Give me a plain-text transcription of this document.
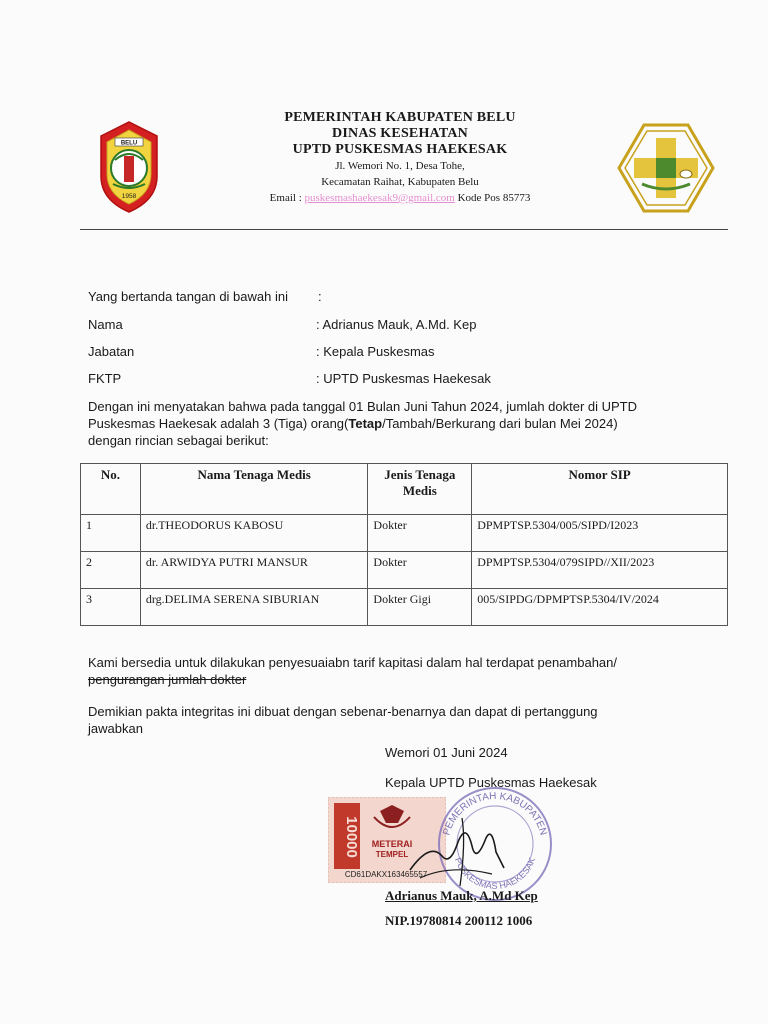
BELU
1958

PEMERINTAH KABUPATEN BELU

DINAS KESEHATAN

UPTD PUSKESMAS HAEKESAK

Jl. Wemori No. 1, Desa Tohe,

Kecamatan Raihat, Kabupaten Belu

Email : puskesmashaekesak9@gmail.com Kode Pos 85773

Yang bertanda tangan di bawah ini :
Nama	: Adrianus Mauk, A.Md. Kep
Jabatan	: Kepala Puskesmas
FKTP	: UPTD Puskesmas Haekesak
Dengan ini menyatakan bahwa pada tanggal 01 Bulan Juni Tahun 2024, jumlah dokter di UPTD
Puskesmas Haekesak adalah 3 (Tiga) orang(Tetap/Tambah/Berkurang dari bulan Mei 2024)
dengan rincian sebagai berikut:
No.	Nama Tenaga Medis	Jenis Tenaga Medis	Nomor SIP
1	dr.THEODORUS KABOSU	Dokter	DPMPTSP.5304/005/SIPD/I2023
2	dr. ARWIDYA PUTRI MANSUR	Dokter	DPMPTSP.5304/079SIPD//XII/2023
3	drg.DELIMA SERENA SIBURIAN	Dokter Gigi	005/SIPDG/DPMPTSP.5304/IV/2024
Kami bersedia untuk dilakukan penyesuaiabn tarif kapitasi dalam hal terdapat penambahan/
pengurangan jumlah dokter
Demikian pakta integritas ini dibuat dengan sebenar-benarnya dan dapat di pertanggung
jawabkan
Wemori 01 Juni 2024
Kepala UPTD Puskesmas Haekesak
10000 METERAI
TEMPEL
CD61DAKX163465557
PEMERINTAH KABUPATEN
PUSKESMAS HAEKESAK
Adrianus Mauk, A.Md Kep
NIP.19780814 200112 1006
